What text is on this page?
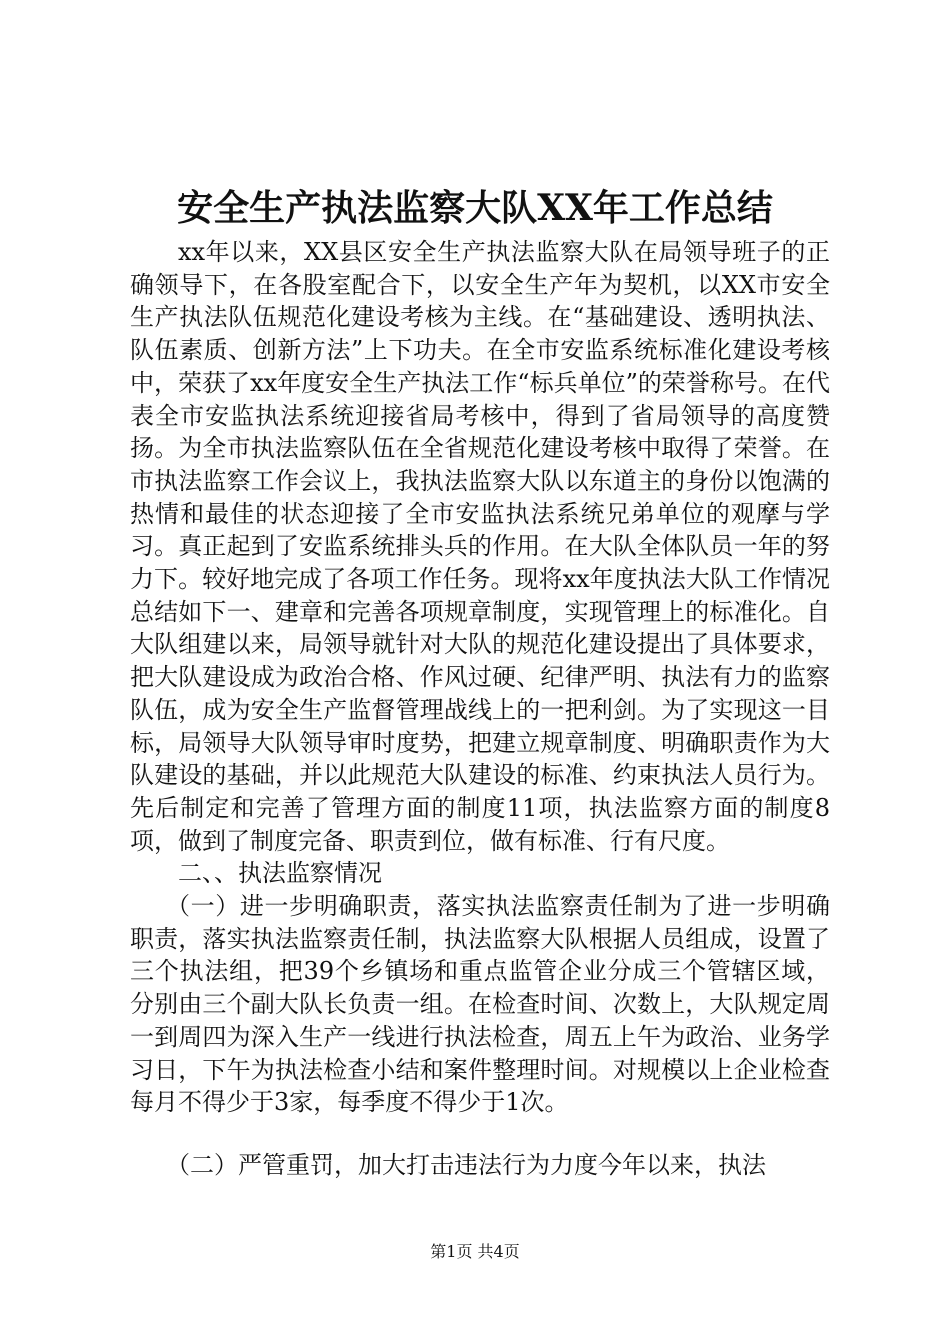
安全生产执法监察大队XX年工作总结

xx年以来，XX县区安全生产执法监察大队在局领导班子的正确领导下，在各股室配合下，以安全生产年为契机，以XX市安全生产执法队伍规范化建设考核为主线。在“基础建设、透明执法、队伍素质、创新方法”上下功夫。在全市安监系统标准化建设考核中，荣获了xx年度安全生产执法工作“标兵单位”的荣誉称号。在代表全市安监执法系统迎接省局考核中，得到了省局领导的高度赞扬。为全市执法监察队伍在全省规范化建设考核中取得了荣誉。在市执法监察工作会议上，我执法监察大队以东道主的身份以饱满的热情和最佳的状态迎接了全市安监执法系统兄弟单位的观摩与学习。真正起到了安监系统排头兵的作用。在大队全体队员一年的努力下。较好地完成了各项工作任务。现将xx年度执法大队工作情况总结如下一、建章和完善各项规章制度，实现管理上的标准化。自大队组建以来，局领导就针对大队的规范化建设提出了具体要求，把大队建设成为政治合格、作风过硬、纪律严明、执法有力的监察队伍，成为安全生产监督管理战线上的一把利剑。为了实现这一目标，局领导大队领导审时度势，把建立规章制度、明确职责作为大队建设的基础，并以此规范大队建设的标准、约束执法人员行为。先后制定和完善了管理方面的制度11项，执法监察方面的制度8项，做到了制度完备、职责到位，做有标准、行有尺度。

二、、执法监察情况

（一）进一步明确职责，落实执法监察责任制为了进一步明确职责，落实执法监察责任制，执法监察大队根据人员组成，设置了三个执法组，把39个乡镇场和重点监管企业分成三个管辖区域，分别由三个副大队长负责一组。在检查时间、次数上，大队规定周一到周四为深入生产一线进行执法检查，周五上午为政治、业务学习日，下午为执法检查小结和案件整理时间。对规模以上企业检查每月不得少于3家，每季度不得少于1次。

（二）严管重罚，加大打击违法行为力度今年以来，执法

第1页 共4页
